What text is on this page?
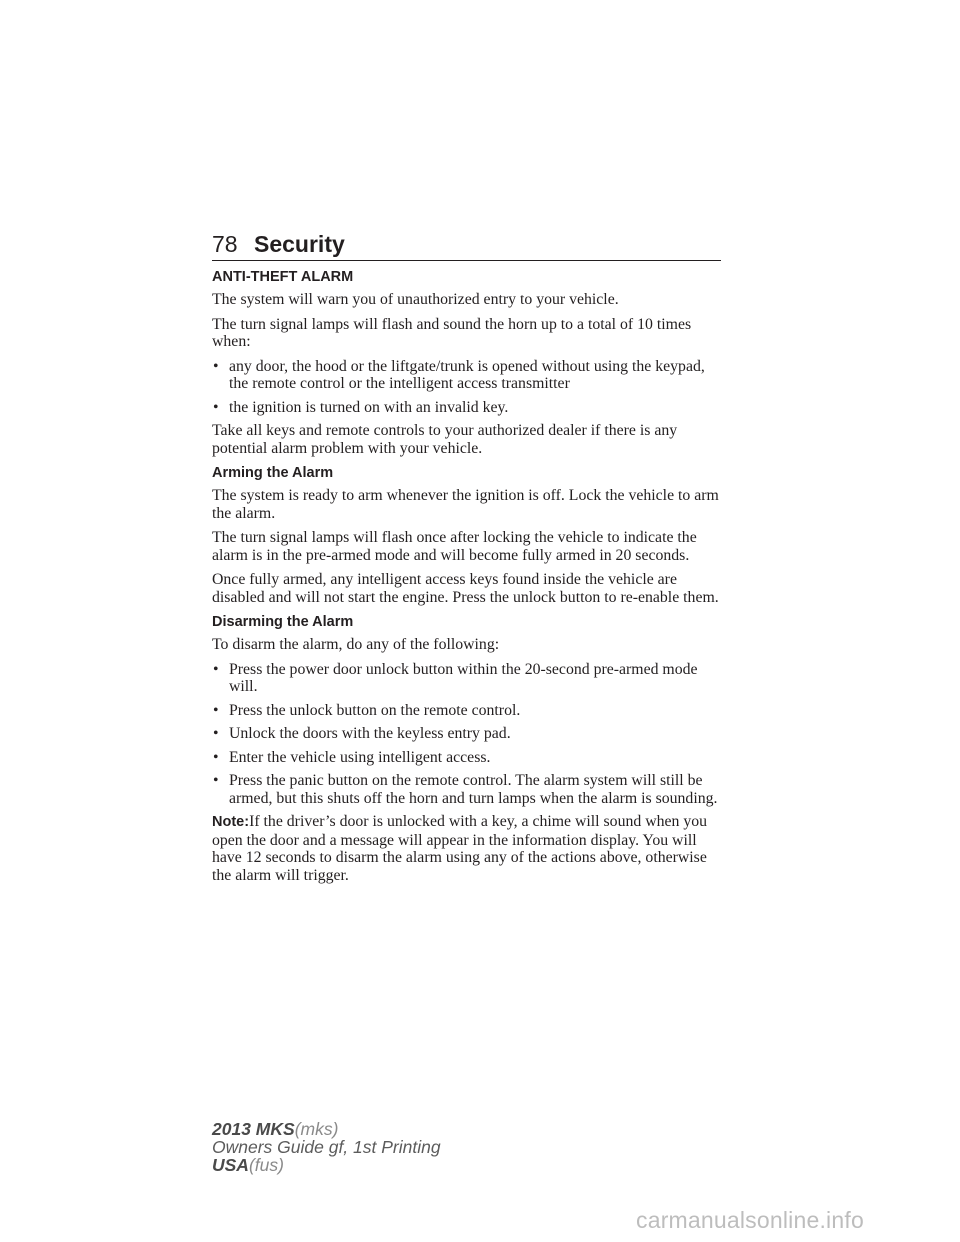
78 Security
ANTI-THEFT ALARM

The system will warn you of unauthorized entry to your vehicle.

The turn signal lamps will flash and sound the horn up to a total of 10 times when:

• any door, the hood or the liftgate/trunk is opened without using the keypad, the remote control or the intelligent access transmitter
• the ignition is turned on with an invalid key.

Take all keys and remote controls to your authorized dealer if there is any potential alarm problem with your vehicle.

Arming the Alarm

The system is ready to arm whenever the ignition is off. Lock the vehicle to arm the alarm.

The turn signal lamps will flash once after locking the vehicle to indicate the alarm is in the pre-armed mode and will become fully armed in 20 seconds.

Once fully armed, any intelligent access keys found inside the vehicle are disabled and will not start the engine. Press the unlock button to re-enable them.

Disarming the Alarm

To disarm the alarm, do any of the following:

• Press the power door unlock button within the 20-second pre-armed mode will.
• Press the unlock button on the remote control.
• Unlock the doors with the keyless entry pad.
• Enter the vehicle using intelligent access.
• Press the panic button on the remote control. The alarm system will still be armed, but this shuts off the horn and turn lamps when the alarm is sounding.

Note:If the driver’s door is unlocked with a key, a chime will sound when you open the door and a message will appear in the information display. You will have 12 seconds to disarm the alarm using any of the actions above, otherwise the alarm will trigger.

2013 MKS(mks)
Owners Guide gf, 1st Printing
USA(fus)
carmanualsonline.info
